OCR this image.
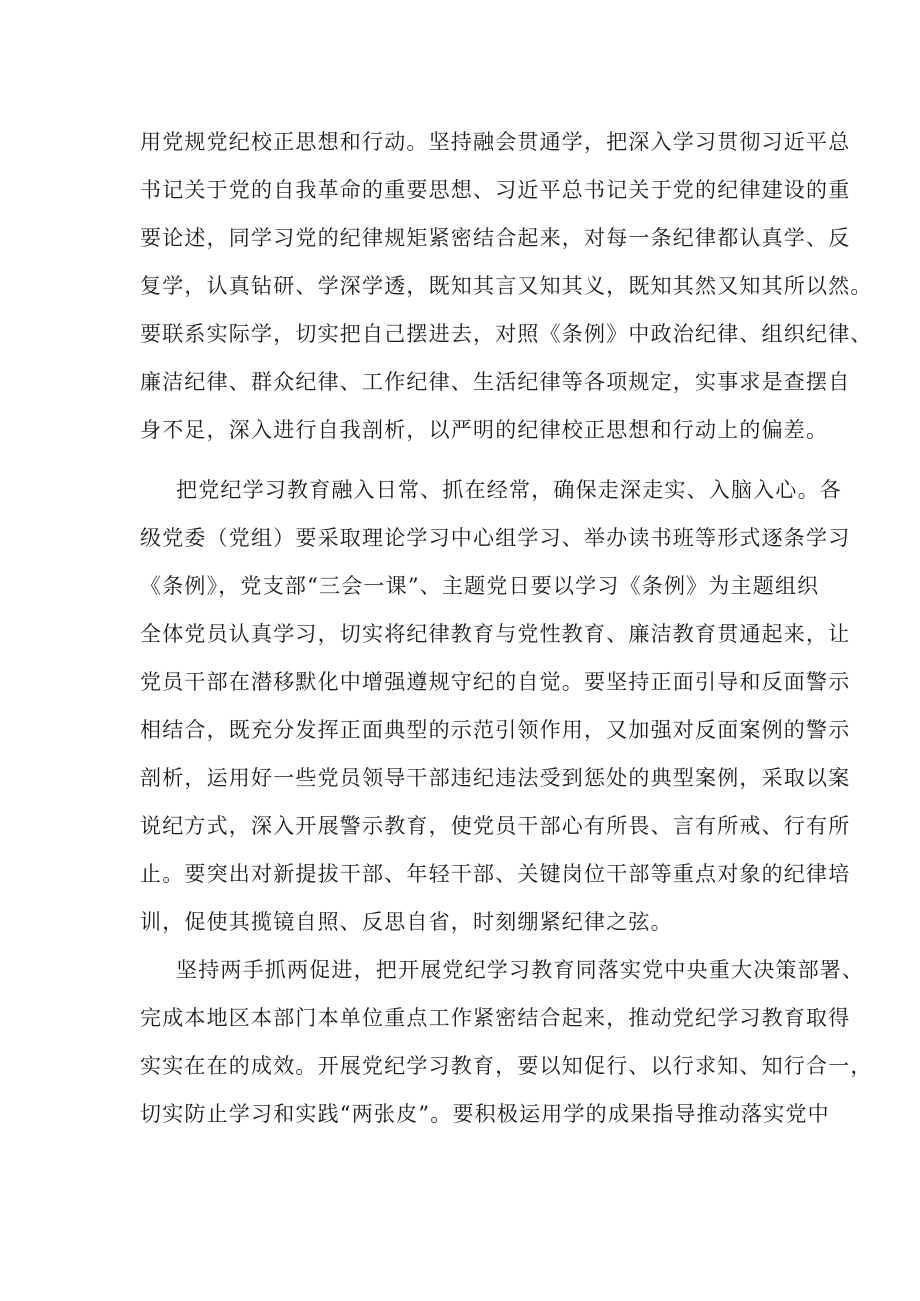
用党规党纪校正思想和行动。坚持融会贯通学，把深入学习贯彻习近平总
书记关于党的自我革命的重要思想、习近平总书记关于党的纪律建设的重
要论述，同学习党的纪律规矩紧密结合起来，对每一条纪律都认真学、反
复学，认真钻研、学深学透，既知其言又知其义，既知其然又知其所以然。
要联系实际学，切实把自己摆进去，对照《条例》中政治纪律、组织纪律、
廉洁纪律、群众纪律、工作纪律、生活纪律等各项规定，实事求是查摆自
身不足，深入进行自我剖析，以严明的纪律校正思想和行动上的偏差。
把党纪学习教育融入日常、抓在经常，确保走深走实、入脑入心。各
级党委（党组）要采取理论学习中心组学习、举办读书班等形式逐条学习
《条例》，党支部“三会一课”、主题党日要以学习《条例》为主题组织
全体党员认真学习，切实将纪律教育与党性教育、廉洁教育贯通起来，让
党员干部在潜移默化中增强遵规守纪的自觉。要坚持正面引导和反面警示
相结合，既充分发挥正面典型的示范引领作用，又加强对反面案例的警示
剖析，运用好一些党员领导干部违纪违法受到惩处的典型案例，采取以案
说纪方式，深入开展警示教育，使党员干部心有所畏、言有所戒、行有所
止。要突出对新提拔干部、年轻干部、关键岗位干部等重点对象的纪律培
训，促使其揽镜自照、反思自省，时刻绷紧纪律之弦。
坚持两手抓两促进，把开展党纪学习教育同落实党中央重大决策部署、
完成本地区本部门本单位重点工作紧密结合起来，推动党纪学习教育取得
实实在在的成效。开展党纪学习教育，要以知促行、以行求知、知行合一，
切实防止学习和实践“两张皮”。要积极运用学的成果指导推动落实党中
